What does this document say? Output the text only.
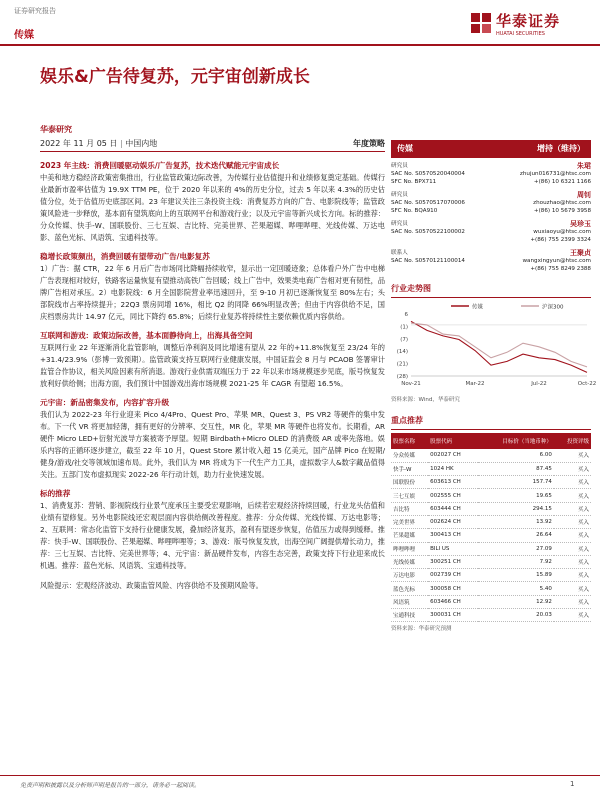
证券研究报告
传媒
华泰证券
HUATAI SECURITIES
娱乐&广告待复苏，元宇宙创新成长
华泰研究
2022 年 11 月 05 日 | 中国内地	年度策略
2023 年主线：消费回暖驱动娱乐/广告复苏，技术迭代赋能元宇宙成长
中美和地方稳经济政策密集推出，行业监管政策边际改善，为传媒行业估值提升和业绩修复奠定基础。传媒行业最新市盈率估值为 19.9X TTM PE，位于 2020 年以来的 4%的历史分位，过去 5 年以来 4.3%的历史估值分位，处于估值历史底部区间。23 年建议关注三条投资主线：消费复苏方向的广告、电影院线等；监管政策风险进一步释放，基本面有望筑底向上的互联网平台和游戏行业；以及元宇宙等新兴成长方向。标的推荐：分众传媒、快手-W、国联股份、三七互娱、吉比特、完美世界、芒果超媒、哔哩哔哩、光线传媒、万达电影、蓝色光标、风语筑、宝通科技等。
稳增长政策频出，消费回暖有望带动广告/电影复苏
1）广告：据 CTR，22 年 6 月后广告市场同比降幅持续收窄，显示出一定回暖迹象；总体看户外广告中电梯广告表现相对较好，铁路客运量恢复有望推动高铁广告回暖；线上广告中，效果类电商广告相对更有韧性，品牌广告相对承压。2）电影院线：6 月全国影院营业率迅速回升，至 9-10 月初已逐渐恢复至 80%左右；头部院线市占率持续提升；22Q3 票房同增 16%，相比 Q2 的同降 66%明显改善；但由于内容供给不足，国庆档票房共计 14.97 亿元，同比下降约 65.8%；后续行业复苏将持续性主要依赖优质内容供给。
互联网和游戏：政策边际改善，基本面静待向上，出海具备空间
互联网行业 22 年逐渐消化监管影响，调整后净利润及同比增速有望从 22 年的+11.8%恢复至 23/24 年的+31.4/23.9%（彭博一致预期）。监管政策支持互联网行业健康发展，中国证监会 8 月与 PCAOB 签署审计监管合作协议，相关风险因素有所消退。游戏行业供需双端压力于 22 年以来市场规模逐步见底，版号恢复发放利好供给侧；出海方面，我们预计中国游戏出海市场规模 2021-25 年 CAGR 有望超 16.5%。
元宇宙：新品密集发布，内容扩容升级
我们认为 2022-23 年行业迎来 Pico 4/4Pro、Quest Pro、苹果 MR、Quest 3、PS VR2 等硬件的集中发布。下一代 VR 将更加轻薄，拥有更好的分辨率、交互性，MR 化，苹果 MR 等硬件也将发布。长期看，AR 硬件 Micro LED+衍射光波导方案被寄予厚望。短期 Birdbath+Micro OLED 的消费级 AR 或率先落地。娱乐内容的正循环逐步建立，截至 22 年 10 月，Quest Store 累计收入超 15 亿美元，国产品牌 Pico 在短期/健身/游戏/社交等领域加速布局。此外，我们认为 MR 将成为下一代生产力工具，虚拟数字人&数字藏品值得关注。五部门发布虚拟现实 2022-26 年行动计划，助力行业快速发展。
标的推荐
1、消费复苏：营销、影视院线行业景气度承压主要受宏观影响，后续若宏观经济持续回暖，行业龙头估值和业绩有望修复。另外电影院线还宏观层面内容供给侧改善程度。推荐：分众传媒、光线传媒、万达电影等；2、互联网：常态化监管下支持行业健康发展，叠加经济复苏，盈利有望逐步恢复，估值压力或得到缓释。推荐：快手-W、国联股份、芒果超媒、哔哩哔哩等；3、游戏：版号恢复发放，出海空间广阔提供增长动力，推荐：三七互娱、吉比特、完美世界等；4、元宇宙：新品硬件发布，内容生态完善，政策支持下行业迎来成长机遇。推荐：蓝色光标、风语筑、宝通科技等。
风险提示：宏观经济波动、政策监管风险、内容供给不及预期风险等。
传媒	增持（维持）
研究员	朱珺
SAC No. S0570520040004	zhujun016731@htsc.com
SFC No. BPX711	+(86) 10 6321 1166
研究员	周钊
SAC No. S0570517070006	zhouzhao@htsc.com
SFC No. BQA910	+(86) 10 5679 3958
研究员	吴珍玉
SAC No. S0570522100002	wuxiaoyu@htsc.com
+(86) 755 2399 3324
联系人	王聚贞
SAC No. S0570121100014	wangxingyun@htsc.com
+(86) 755 8249 2388
行业走势图
传媒	沪深300
6
(1)
(7)
(14)
(21)
(28)
Nov-21	Mar-22	Jul-22	Oct-22
资料来源：Wind，华泰研究
重点推荐
股票名称	股票代码	目标价（当地币种）	投资评级
分众传媒	002027 CH	6.00	买入
快手-W	1024 HK	87.45	买入
国联股份	603613 CH	157.74	买入
三七互娱	002555 CH	19.65	买入
吉比特	603444 CH	294.15	买入
完美世界	002624 CH	13.92	买入
芒果超媒	300413 CH	26.64	买入
哔哩哔哩	BILI US	27.09	买入
光线传媒	300251 CH	7.92	买入
万达电影	002739 CH	15.89	买入
蓝色光标	300058 CH	5.40	买入
风语筑	603466 CH	12.92	买入
宝通科技	300031 CH	20.03	买入
资料来源：华泰研究预测
免责声明和披露以及分析师声明是报告的一部分，请务必一起阅读。	1
